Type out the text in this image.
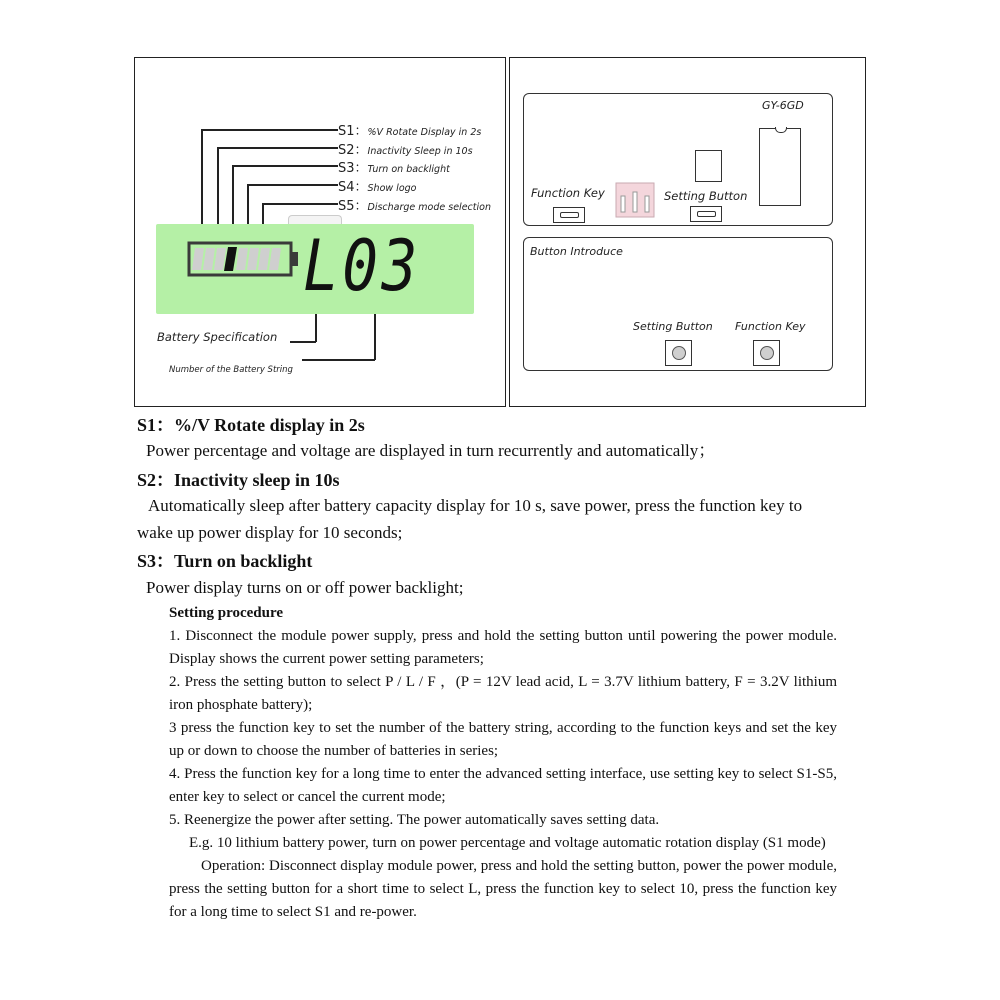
S1：%V Rotate Display in 2s
S2：Inactivity Sleep in 10s
S3：Turn on backlight
S4：Show logo
S5：Discharge mode selection
L03
Battery Specification
Number of the Battery String
GY-6GD
Function Key	Setting Button
Button Introduce
Setting Button Function Key
S1：%/V Rotate display in 2s
Power percentage and voltage are displayed in turn recurrently and automatically；
S2：Inactivity sleep in 10s
Automatically sleep after battery capacity display for 10 s, save power, press the function key to
wake up power display for 10 seconds;
S3：Turn on backlight
Power display turns on or off power backlight;
Setting procedure
1. Disconnect the module power supply, press and hold the setting button until powering the power module. Display shows the current power setting parameters;
2. Press the setting button to select P / L / F ，(P = 12V lead acid, L = 3.7V lithium battery, F = 3.2V lithium iron phosphate battery);
3 press the function key to set the number of the battery string, according to the function keys and set the key up or down to choose the number of batteries in series;
4. Press the function key for a long time to enter the advanced setting interface, use setting key to select S1-S5, enter key to select or cancel the current mode;
5. Reenergize the power after setting. The power automatically saves setting data.
E.g. 10 lithium battery power, turn on power percentage and voltage automatic rotation display (S1 mode)
Operation: Disconnect display module power, press and hold the setting button, power the power module, press the setting button for a short time to select L, press the function key to select 10, press the function key for a long time to select S1 and re-power.
